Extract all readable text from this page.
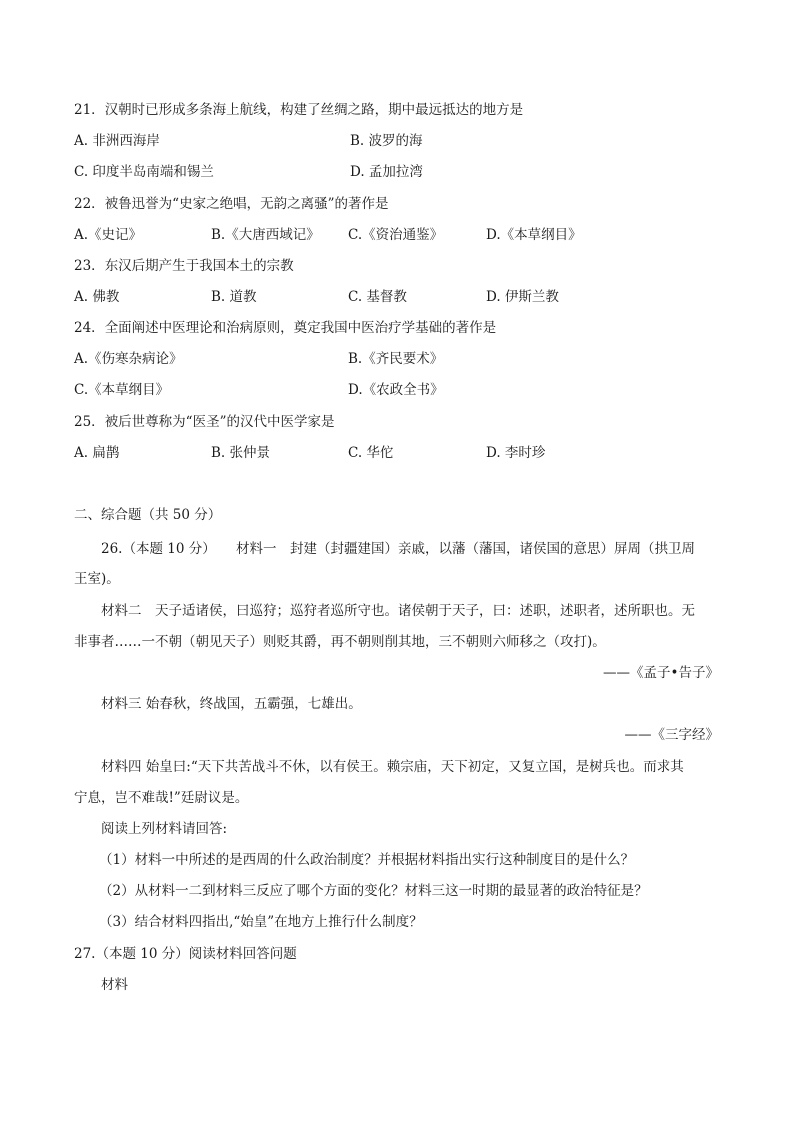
21．汉朝时已形成多条海上航线，构建了丝绸之路，期中最远抵达的地方是
A. 非洲西海岸	B. 波罗的海
C. 印度半岛南端和锡兰	D. 孟加拉湾
22．被鲁迅誉为“史家之绝唱，无韵之离骚”的著作是
A.《史记》	B.《大唐西域记》 C.《资治通鉴》	D.《本草纲目》
23．东汉后期产生于我国本土的宗教
A. 佛教	B. 道教	C. 基督教	D. 伊斯兰教
24．全面阐述中医理论和治病原则，奠定我国中医治疗学基础的著作是
A.《伤寒杂病论》	B.《齐民要术》
C.《本草纲目》	D.《农政全书》
25．被后世尊称为“医圣”的汉代中医学家是
A. 扁鹊	B. 张仲景	C. 华佗	D. 李时珍
二、综合题（共 50 分）
26.（本题 10 分）　　材料一　封建（封疆建国）亲戚，以藩（藩国，诸侯国的意思）屏周（拱卫周
王室)。
材料二　天子适诸侯，曰巡狩；巡狩者巡所守也。诸侯朝于天子，曰：述职，述职者，述所职也。无
非事者……一不朝（朝见天子）则贬其爵，再不朝则削其地，三不朝则六师移之（攻打)。
——《孟子•告子》
材料三 始春秋，终战国，五霸强，七雄出。
——《三字经》
材料四 始皇曰:“天下共苦战斗不休，以有侯王。赖宗庙，天下初定，又复立国，是树兵也。而求其
宁息，岂不难哉!”廷尉议是。
阅读上列材料请回答:
（1）材料一中所述的是西周的什么政治制度？并根据材料指出实行这种制度目的是什么？
（2）从材料一二到材料三反应了哪个方面的变化？材料三这一时期的最显著的政治特征是？
（3）结合材料四指出,“始皇”在地方上推行什么制度？
27.（本题 10 分）阅读材料回答问题
材料
